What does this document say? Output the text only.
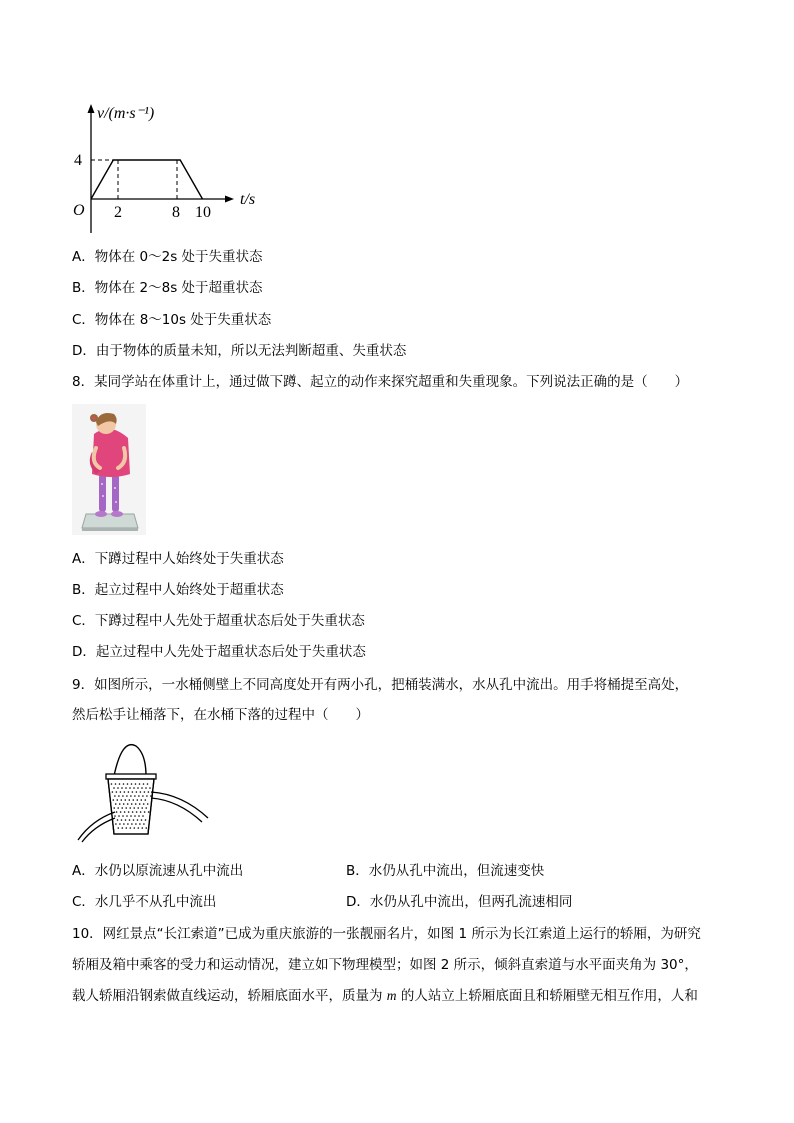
v/(m·s⁻¹)
t/s
O
4
2	8 10
A．物体在 0～2s 处于失重状态
B．物体在 2～8s 处于超重状态
C．物体在 8～10s 处于失重状态
D．由于物体的质量未知，所以无法判断超重、失重状态
8．某同学站在体重计上，通过做下蹲、起立的动作来探究超重和失重现象。下列说法正确的是（　　）
A．下蹲过程中人始终处于失重状态
B．起立过程中人始终处于超重状态
C．下蹲过程中人先处于超重状态后处于失重状态
D．起立过程中人先处于超重状态后处于失重状态
9．如图所示，一水桶侧壁上不同高度处开有两小孔，把桶装满水，水从孔中流出。用手将桶提至高处，
然后松手让桶落下，在水桶下落的过程中（　　）
A．水仍以原流速从孔中流出	B．水仍从孔中流出，但流速变快
C．水几乎不从孔中流出	D．水仍从孔中流出，但两孔流速相同
10．网红景点“长江索道”已成为重庆旅游的一张靓丽名片，如图 1 所示为长江索道上运行的轿厢，为研究
轿厢及箱中乘客的受力和运动情况，建立如下物理模型；如图 2 所示，倾斜直索道与水平面夹角为 30°，
载人轿厢沿钢索做直线运动，轿厢底面水平，质量为 m 的人站立上轿厢底面且和轿厢壁无相互作用，人和
